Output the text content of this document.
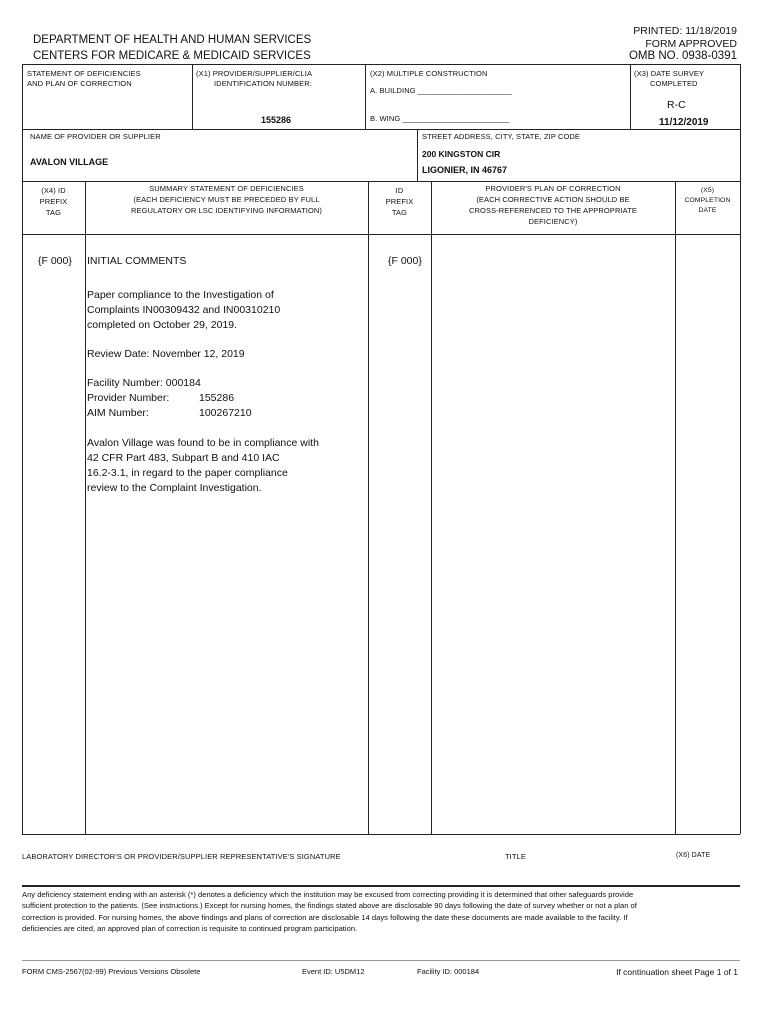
DEPARTMENT OF HEALTH AND HUMAN SERVICES
CENTERS FOR MEDICARE & MEDICAID SERVICES
PRINTED: 11/18/2019
FORM APPROVED
OMB NO. 0938-0391
STATEMENT OF DEFICIENCIES
AND PLAN OF CORRECTION
(X1) PROVIDER/SUPPLIER/CLIA
IDENTIFICATION NUMBER:
155286
(X2) MULTIPLE CONSTRUCTION
A. BUILDING ______________________
B. WING _________________________
(X3) DATE SURVEY
COMPLETED
R-C
11/12/2019
NAME OF PROVIDER OR SUPPLIER
AVALON VILLAGE
STREET ADDRESS, CITY, STATE, ZIP CODE
200 KINGSTON CIR
LIGONIER, IN 46767
(X4) ID
PREFIX
TAG
SUMMARY STATEMENT OF DEFICIENCIES
(EACH DEFICIENCY MUST BE PRECEDED BY FULL
REGULATORY OR LSC IDENTIFYING INFORMATION)
ID
PREFIX
TAG
PROVIDER'S PLAN OF CORRECTION
(EACH CORRECTIVE ACTION SHOULD BE
CROSS-REFERENCED TO THE APPROPRIATE
DEFICIENCY)
(X5)
COMPLETION
DATE
{F 000} INITIAL COMMENTS	{F 000}
Paper compliance to the Investigation of
Complaints IN00309432 and IN00310210
completed on October 29, 2019.
Review Date: November 12, 2019
Facility Number: 000184
Provider Number:	155286
AIM Number:	100267210
Avalon Village was found to be in compliance with
42 CFR Part 483, Subpart B and 410 IAC
16.2-3.1, in regard to the paper compliance
review to the Complaint Investigation.
LABORATORY DIRECTOR'S OR PROVIDER/SUPPLIER REPRESENTATIVE'S SIGNATURE	TITLE	(X6) DATE
Any deficiency statement ending with an asterisk (*) denotes a deficiency which the institution may be excused from correcting providing it is determined that other safeguards provide sufficient protection to the patients. (See instructions.) Except for nursing homes, the findings stated above are disclosable 90 days following the date of survey whether or not a plan of correction is provided. For nursing homes, the above findings and plans of correction are disclosable 14 days following the date these documents are made available to the facility. If deficiencies are cited, an approved plan of correction is requisite to continued program participation.
FORM CMS-2567(02-99) Previous Versions Obsolete	Event ID: U5DM12	Facility ID: 000184	If continuation sheet Page 1 of 1
